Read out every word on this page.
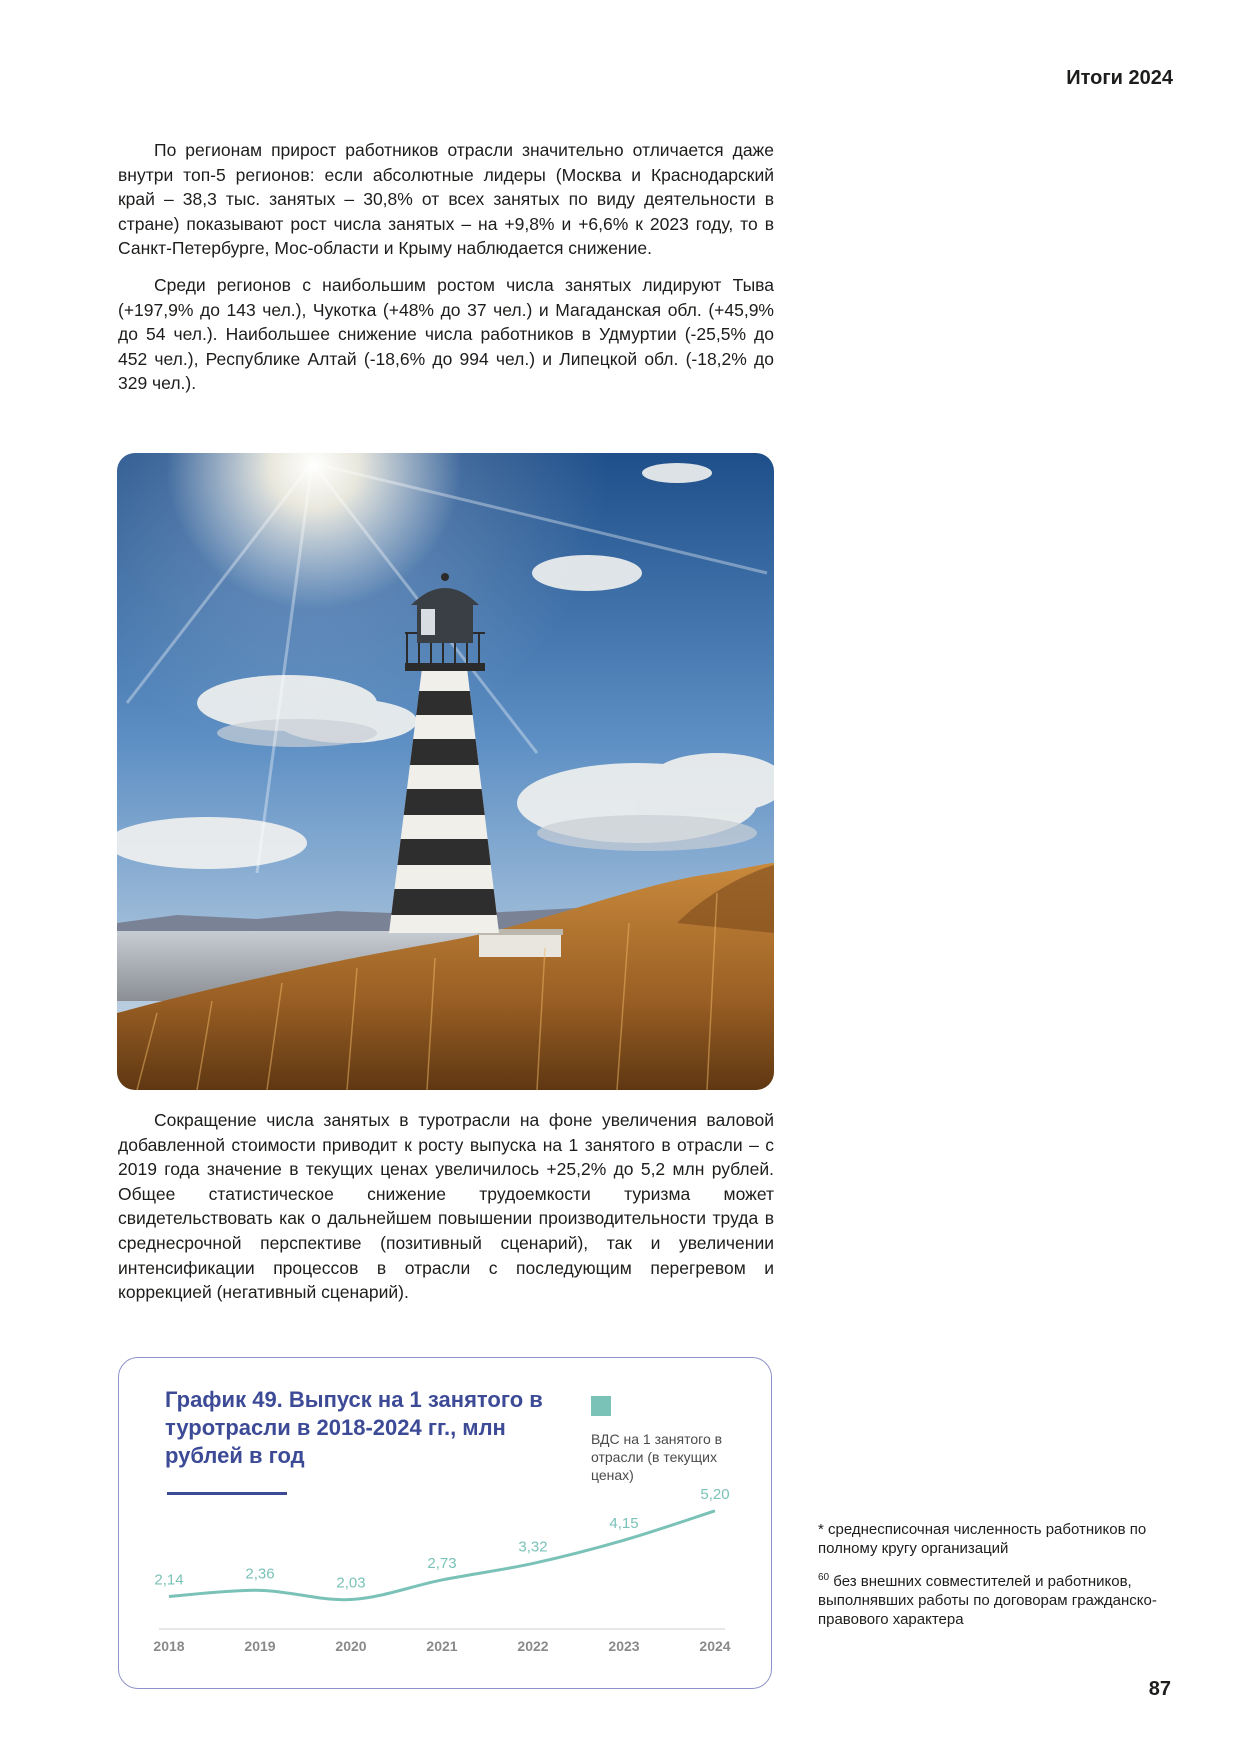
Итоги 2024

По регионам прирост работников отрасли значительно отличается даже внутри топ-5 регионов: если абсолютные лидеры (Москва и Краснодарский край – 38,3 тыс. занятых – 30,8% от всех занятых по виду деятельности в стране) показывают рост числа занятых – на +9,8% и +6,6% к 2023 году, то в Санкт-Петербурге, Мос-области и Крыму наблюдается снижение.

Среди регионов с наибольшим ростом числа занятых лидируют Тыва (+197,9% до 143 чел.), Чукотка (+48% до 37 чел.) и Магаданская обл. (+45,9% до 54 чел.). Наибольшее снижение числа работников в Удмуртии (-25,5% до 452 чел.), Республике Алтай (-18,6% до 994 чел.) и Липецкой обл. (-18,2% до 329 чел.).

Сокращение числа занятых в туротрасли на фоне увеличения валовой добавленной стоимости приводит к росту выпуска на 1 занятого в отрасли – с 2019 года значение в текущих ценах увеличилось +25,2% до 5,2 млн рублей. Общее статистическое снижение трудоемкости туризма может свидетельствовать как о дальнейшем повышении производительности труда в среднесрочной перспективе (позитивный сценарий), так и увеличении интенсификации процессов в отрасли с последующим перегревом и коррекцией (негативный сценарий).

График 49. Выпуск на 1 занятого в туротрасли в 2018-2024 гг., млн рублей в год
ВДС на 1 занятого в отрасли (в текущих ценах)
2,14
2018
2,36
2019
2,03
2020
2,73
2021
3,32
2022
4,15
2023
5,20
2024

* среднесписочная численность работников по полному кругу организаций

$^{60}$ без внешних совместителей и работников, выполнявших работы по договорам гражданско-правового характера

87
